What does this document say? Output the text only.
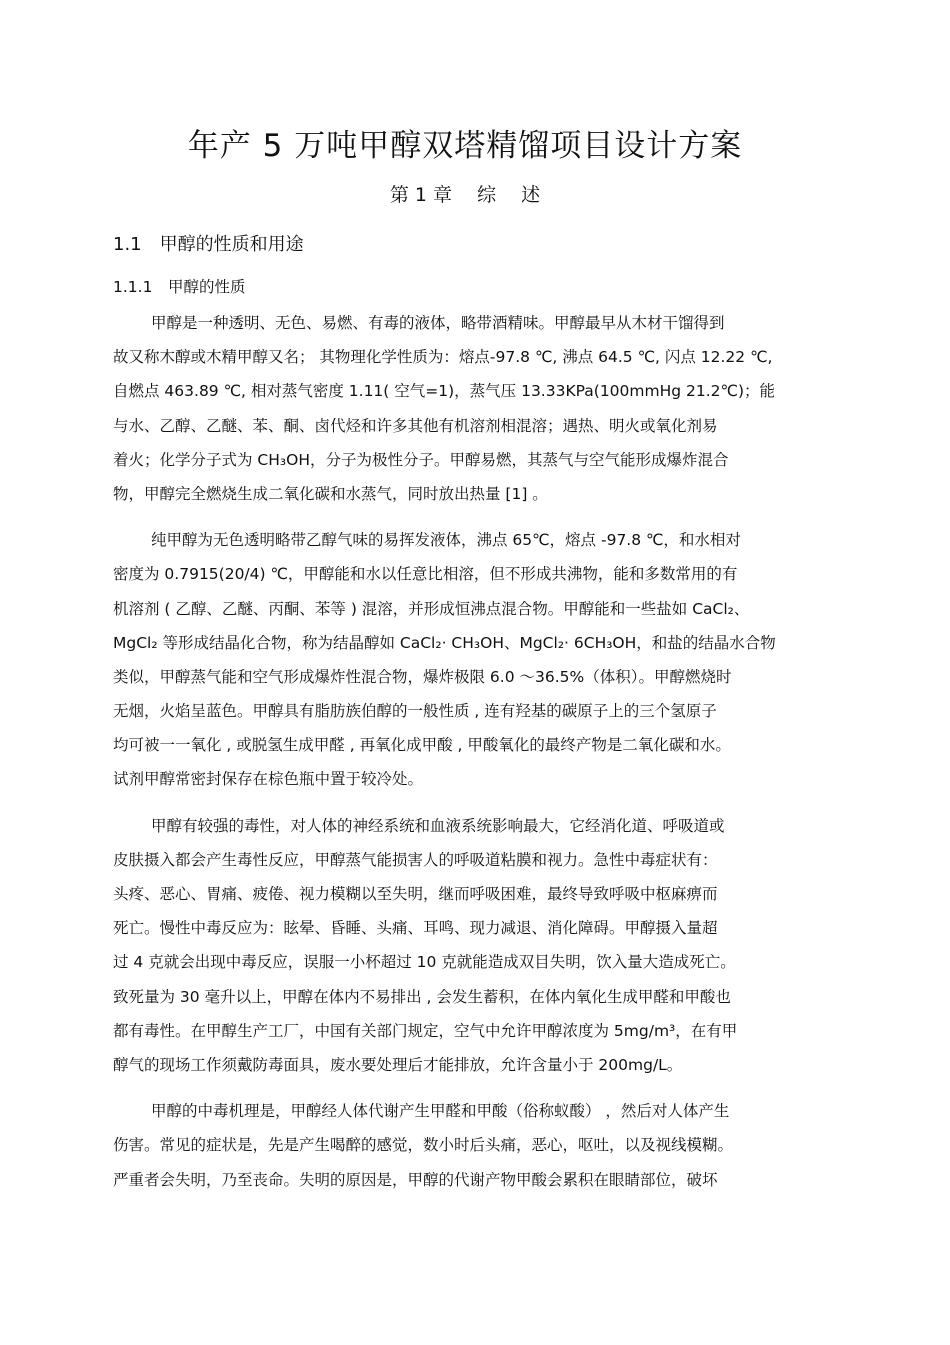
年产 5 万吨甲醇双塔精馏项目设计方案
第 1 章　 综　 述
1.1　甲醇的性质和用途
1.1.1　甲醇的性质
甲醇是一种透明、无色、易燃、有毒的液体，略带酒精味。甲醇最早从木材干馏得到
故又称木醇或木精甲醇又名； 其物理化学性质为：熔点-97.8 ℃, 沸点 64.5 ℃, 闪点 12.22 ℃,
自燃点 463.89 ℃, 相对蒸气密度 1.11( 空气=1)，蒸气压 13.33KPa(100mmHg 21.2℃)；能
与水、乙醇、乙醚、苯、酮、卤代烃和许多其他有机溶剂相混溶；遇热、明火或氧化剂易
着火；化学分子式为 CH₃OH，分子为极性分子。甲醇易燃，其蒸气与空气能形成爆炸混合
物，甲醇完全燃烧生成二氧化碳和水蒸气，同时放出热量 [1] 。
纯甲醇为无色透明略带乙醇气味的易挥发液体，沸点 65℃，熔点 -97.8 ℃，和水相对
密度为 0.7915(20/4) ℃，甲醇能和水以任意比相溶，但不形成共沸物，能和多数常用的有
机溶剂 ( 乙醇、乙醚、丙酮、苯等 ) 混溶，并形成恒沸点混合物。甲醇能和一些盐如 CaCl₂、
MgCl₂ 等形成结晶化合物，称为结晶醇如 CaCl₂· CH₃OH、MgCl₂· 6CH₃OH，和盐的结晶水合物
类似，甲醇蒸气能和空气形成爆炸性混合物，爆炸极限 6.0 ～36.5%（体积）。甲醇燃烧时
无烟，火焰呈蓝色。甲醇具有脂肪族伯醇的一般性质 , 连有羟基的碳原子上的三个氢原子
均可被一一氧化 , 或脱氢生成甲醛 , 再氧化成甲酸 , 甲酸氧化的最终产物是二氧化碳和水。
试剂甲醇常密封保存在棕色瓶中置于较冷处。
甲醇有较强的毒性，对人体的神经系统和血液系统影响最大，它经消化道、呼吸道或
皮肤摄入都会产生毒性反应，甲醇蒸气能损害人的呼吸道粘膜和视力。急性中毒症状有：
头疼、恶心、胃痛、疲倦、视力模糊以至失明，继而呼吸困难，最终导致呼吸中枢麻痹而
死亡。慢性中毒反应为：眩晕、昏睡、头痛、耳鸣、现力减退、消化障碍。甲醇摄入量超
过 4 克就会出现中毒反应，误服一小杯超过 10 克就能造成双目失明，饮入量大造成死亡。
致死量为 30 毫升以上，甲醇在体内不易排出 , 会发生蓄积，在体内氧化生成甲醛和甲酸也
都有毒性。在甲醇生产工厂，中国有关部门规定，空气中允许甲醇浓度为 5mg/m³，在有甲
醇气的现场工作须戴防毒面具，废水要处理后才能排放，允许含量小于 200mg/L。
甲醇的中毒机理是，甲醇经人体代谢产生甲醛和甲酸（俗称蚁酸） ，然后对人体产生
伤害。常见的症状是，先是产生喝醉的感觉，数小时后头痛，恶心，呕吐，以及视线模糊。
严重者会失明，乃至丧命。失明的原因是，甲醇的代谢产物甲酸会累积在眼睛部位，破坏
